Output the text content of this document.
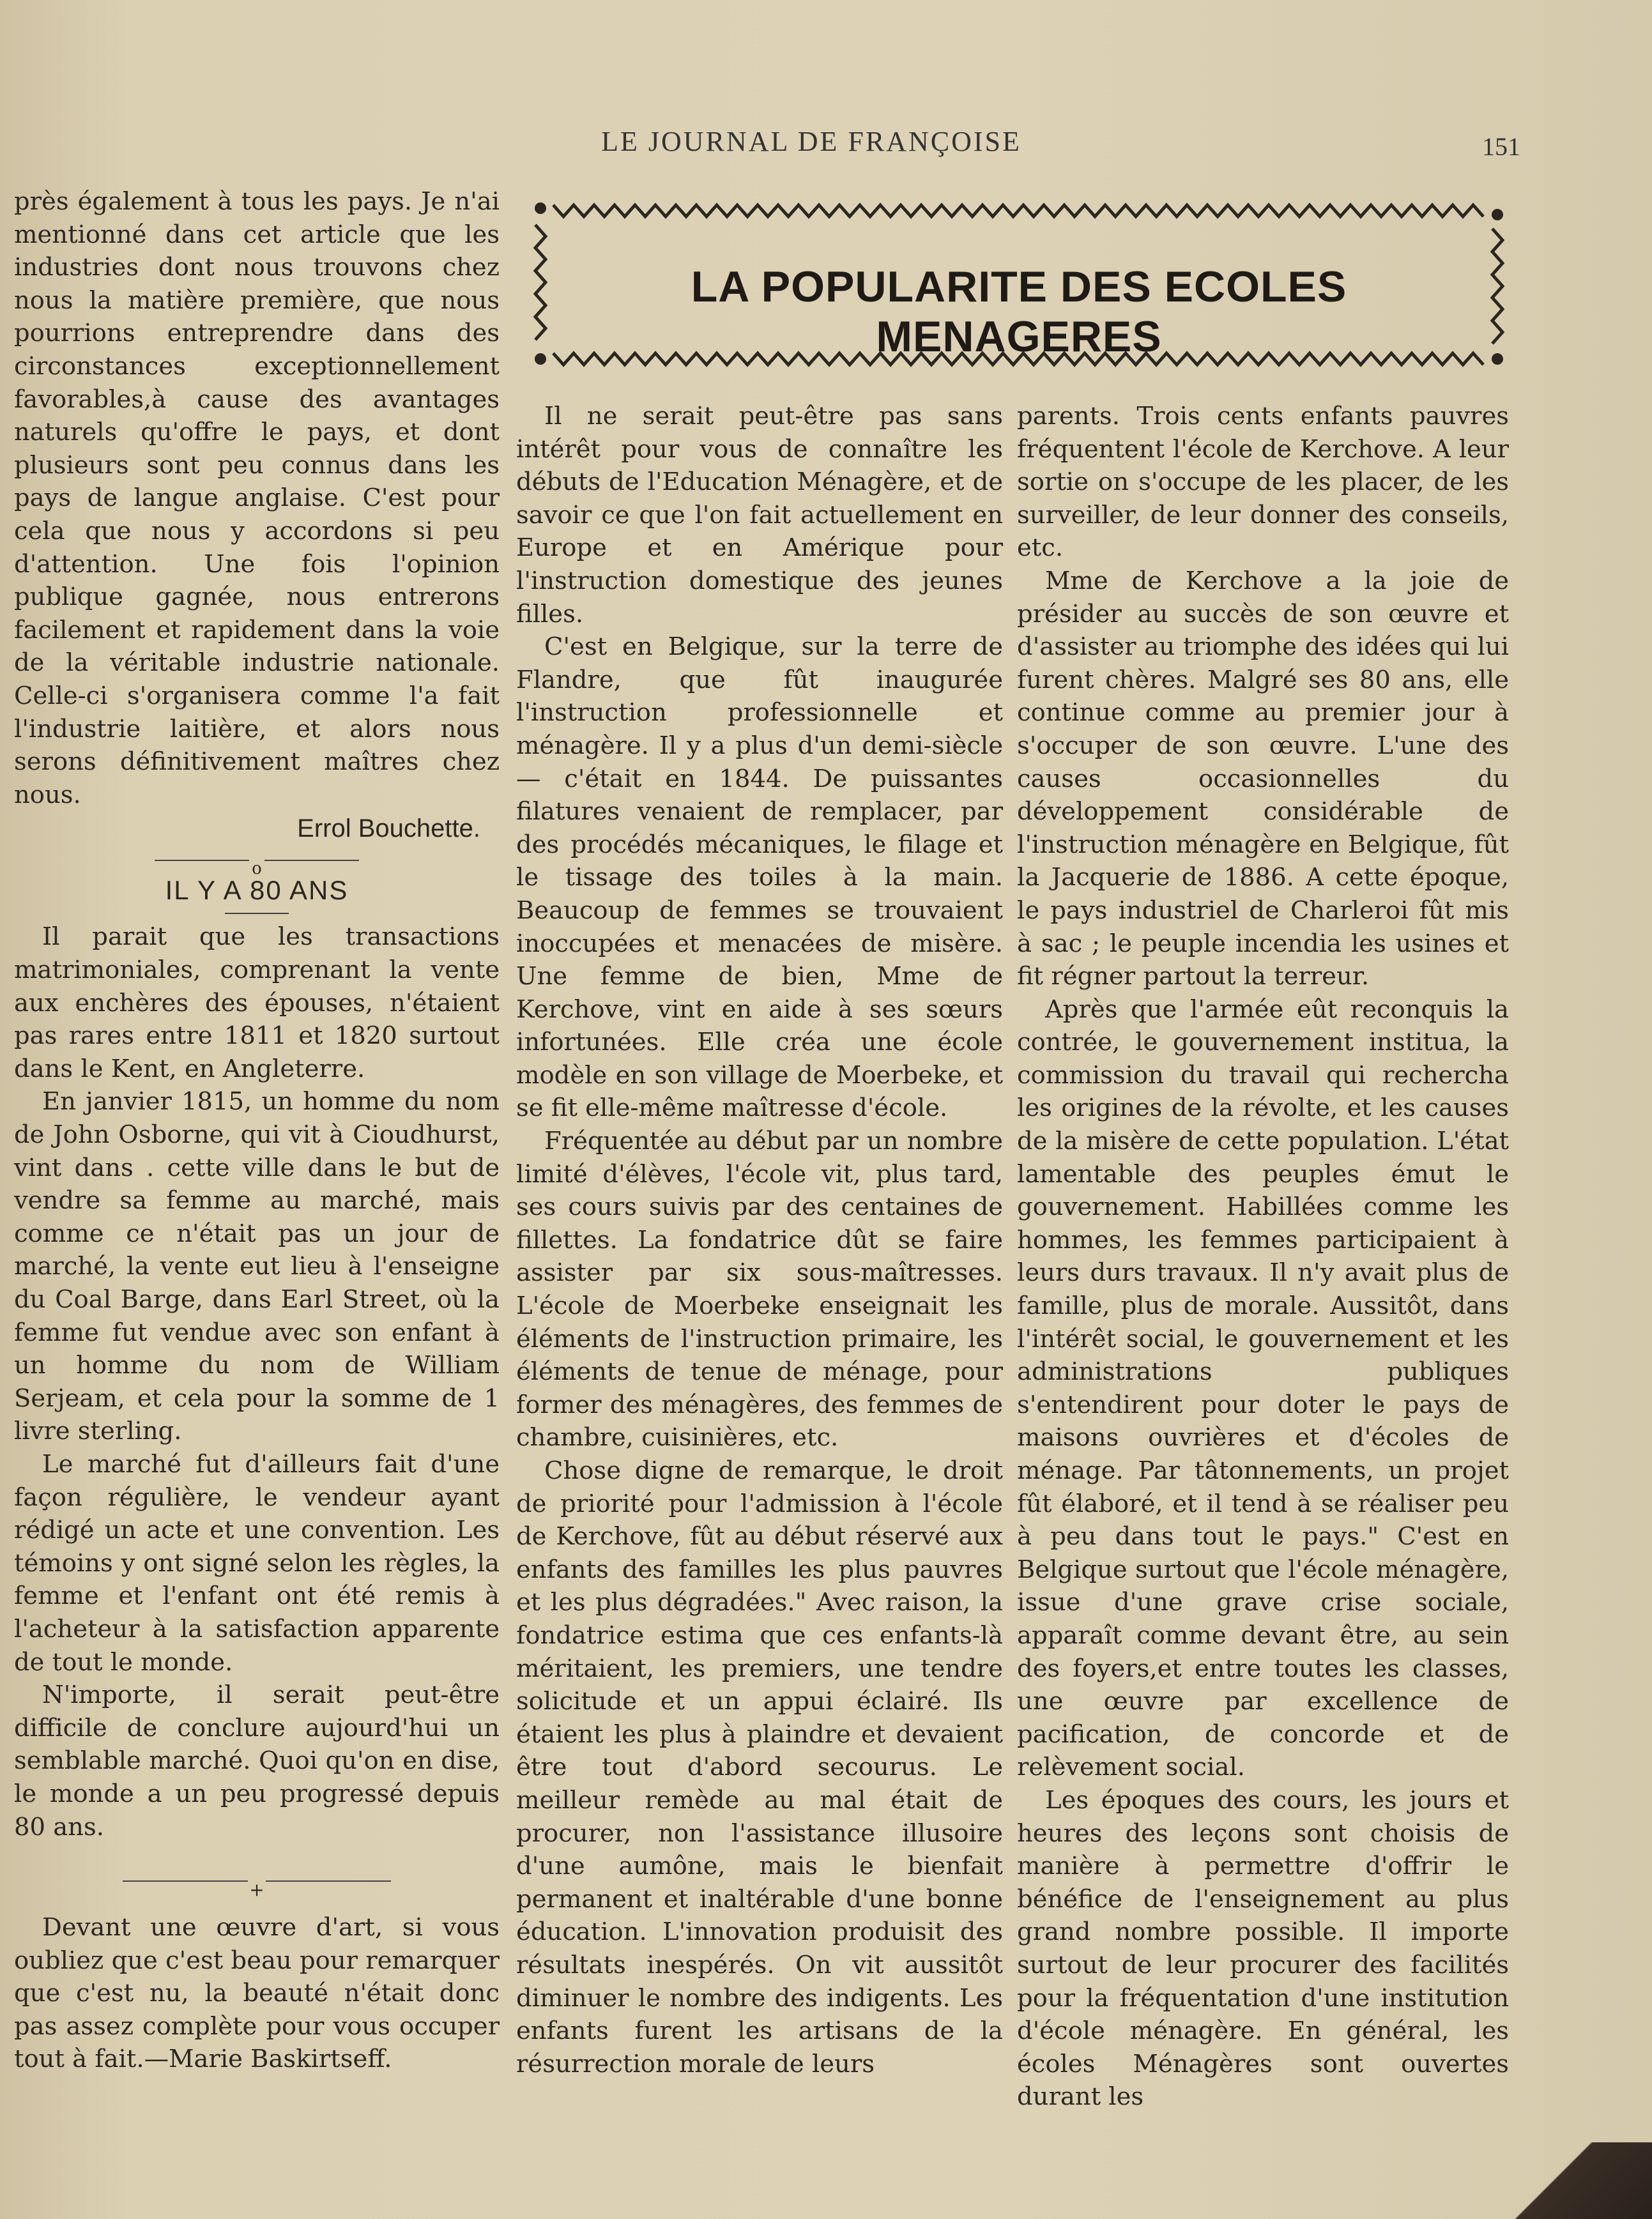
LE JOURNAL DE FRANÇOISE	151

près également à tous les pays. Je n'ai mentionné dans cet article que les industries dont nous trouvons chez nous la matière première, que nous pourrions entreprendre dans des circonstances exceptionnellement favorables,à cause des avantages naturels qu'offre le pays, et dont plusieurs sont peu connus dans les pays de langue anglaise. C'est pour cela que nous y accordons si peu d'attention. Une fois l'opinion publique gagnée, nous entrerons facilement et rapidement dans la voie de la véritable industrie nationale. Celle-ci s'organisera comme l'a fait l'industrie laitière, et alors nous serons définitivement maîtres chez nous.

Errol Bouchette.
o
IL Y A 80 ANS

Il parait que les transactions matrimoniales, comprenant la vente aux enchères des épouses, n'étaient pas rares entre 1811 et 1820 surtout dans le Kent, en Angleterre.

En janvier 1815, un homme du nom de John Osborne, qui vit à Cioudhurst, vint dans . cette ville dans le but de vendre sa femme au marché, mais comme ce n'était pas un jour de marché, la vente eut lieu à l'enseigne du Coal Barge, dans Earl Street, où la femme fut vendue avec son enfant à un homme du nom de William Serjeam, et cela pour la somme de 1 livre sterling.

Le marché fut d'ailleurs fait d'une façon régulière, le vendeur ayant rédigé un acte et une convention. Les témoins y ont signé selon les règles, la femme et l'enfant ont été remis à l'acheteur à la satisfaction apparente de tout le monde.

N'importe, il serait peut-être difficile de conclure aujourd'hui un semblable marché. Quoi qu'on en dise, le monde a un peu progressé depuis 80 ans.

+

Devant une œuvre d'art, si vous oubliez que c'est beau pour remarquer que c'est nu, la beauté n'était donc pas assez complète pour vous occuper tout à fait.—Marie Baskirtseff.

LA POPULARITE DES ECOLES MENAGERES

Il ne serait peut-être pas sans intérêt pour vous de connaître les débuts de l'Education Ménagère, et de savoir ce que l'on fait actuellement en Europe et en Amérique pour l'instruction domestique des jeunes filles.

C'est en Belgique, sur la terre de Flandre, que fût inaugurée l'instruction professionnelle et ménagère. Il y a plus d'un demi-siècle — c'était en 1844. De puissantes filatures venaient de remplacer, par des procédés mécaniques, le filage et le tissage des toiles à la main. Beaucoup de femmes se trouvaient inoccupées et menacées de misère. Une femme de bien, Mme de Kerchove, vint en aide à ses sœurs infortunées. Elle créa une école modèle en son village de Moerbeke, et se fit elle-même maîtresse d'école.

Fréquentée au début par un nombre limité d'élèves, l'école vit, plus tard, ses cours suivis par des centaines de fillettes. La fondatrice dût se faire assister par six sous-maîtresses. L'école de Moerbeke enseignait les éléments de l'instruction primaire, les éléments de tenue de ménage, pour former des ménagères, des femmes de chambre, cuisinières, etc.

Chose digne de remarque, le droit de priorité pour l'admission à l'école de Kerchove, fût au début réservé aux enfants des familles les plus pauvres et les plus dégradées." Avec raison, la fondatrice estima que ces enfants-là méritaient, les premiers, une tendre solicitude et un appui éclairé. Ils étaient les plus à plaindre et devaient être tout d'abord secourus. Le meilleur remède au mal était de procurer, non l'assistance illusoire d'une aumône, mais le bienfait permanent et inaltérable d'une bonne éducation. L'innovation produisit des résultats inespérés. On vit aussitôt diminuer le nombre des indigents. Les enfants furent les artisans de la résurrection morale de leurs

parents. Trois cents enfants pauvres fréquentent l'école de Kerchove. A leur sortie on s'occupe de les placer, de les surveiller, de leur donner des conseils, etc.

Mme de Kerchove a la joie de présider au succès de son œuvre et d'assister au triomphe des idées qui lui furent chères. Malgré ses 80 ans, elle continue comme au premier jour à s'occuper de son œuvre. L'une des causes occasionnelles du développement considérable de l'instruction ménagère en Belgique, fût la Jacquerie de 1886. A cette époque, le pays industriel de Charleroi fût mis à sac ; le peuple incendia les usines et fit régner partout la terreur.

Après que l'armée eût reconquis la contrée, le gouvernement institua, la commission du travail qui recherchа les origines de la révolte, et les causes de la misère de cette population. L'état lamentable des peuples émut le gouvernement. Habillées comme les hommes, les femmes participaient à leurs durs travaux. Il n'y avait plus de famille, plus de morale. Aussitôt, dans l'intérêt social, le gouvernement et les administrations publiques s'entendirent pour doter le pays de maisons ouvrières et d'écoles de ménage. Par tâtonnements, un projet fût élaboré, et il tend à se réaliser peu à peu dans tout le pays." C'est en Belgique surtout que l'école ménagère, issue d'une grave crise sociale, apparaît comme devant être, au sein des foyers,et entre toutes les classes, une œuvre par excellence de pacification, de concorde et de relèvement social.

Les époques des cours, les jours et heures des leçons sont choisis de manière à permettre d'offrir le bénéfice de l'enseignement au plus grand nombre possible. Il importe surtout de leur procurer des facilités pour la fréquentation d'une institution d'école ménagère. En général, les écoles Ménagères sont ouvertes durant les
